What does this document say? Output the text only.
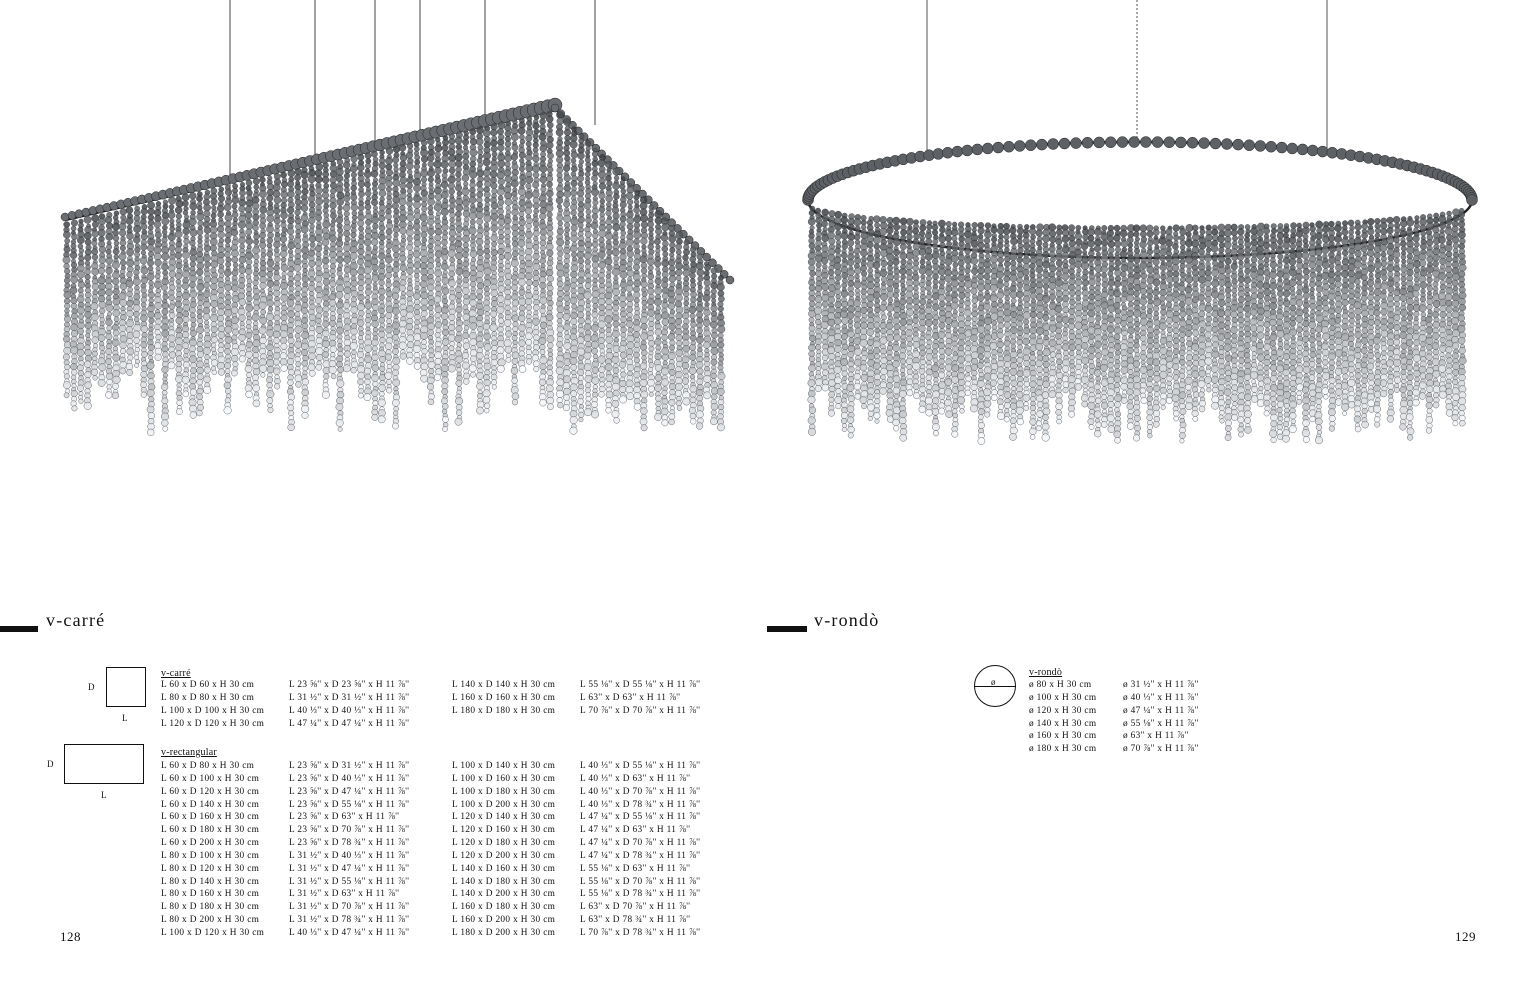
v-carré
D
L
v-carré
L 60 x D 60 x H 30 cm
L 80 x D 80 x H 30 cm
L 100 x D 100 x H 30 cm
L 120 x D 120 x H 30 cm
L 23 ⅝'' x D 23 ⅝'' x H 11 ⅞''
L 31 ½'' x D 31 ½'' x H 11 ⅞''
L 40 ⅓'' x D 40 ⅓'' x H 11 ⅞''
L 47 ¼'' x D 47 ¼'' x H 11 ⅞''
L 140 x D 140 x H 30 cm
L 160 x D 160 x H 30 cm
L 180 x D 180 x H 30 cm
L 55 ⅛'' x D 55 ⅛'' x H 11 ⅞''
L 63'' x D 63'' x H 11 ⅞''
L 70 ⅞'' x D 70 ⅞'' x H 11 ⅞''
D
L
v-rectangular
L 60 x D 80 x H 30 cm
L 60 x D 100 x H 30 cm
L 60 x D 120 x H 30 cm
L 60 x D 140 x H 30 cm
L 60 x D 160 x H 30 cm
L 60 x D 180 x H 30 cm
L 60 x D 200 x H 30 cm
L 80 x D 100 x H 30 cm
L 80 x D 120 x H 30 cm
L 80 x D 140 x H 30 cm
L 80 x D 160 x H 30 cm
L 80 x D 180 x H 30 cm
L 80 x D 200 x H 30 cm
L 100 x D 120 x H 30 cm
L 23 ⅝'' x D 31 ½'' x H 11 ⅞''
L 23 ⅝'' x D 40 ⅓'' x H 11 ⅞''
L 23 ⅝'' x D 47 ¼'' x H 11 ⅞''
L 23 ⅝'' x D 55 ⅛'' x H 11 ⅞''
L 23 ⅝'' x D 63'' x H 11 ⅞''
L 23 ⅝'' x D 70 ⅞'' x H 11 ⅞''
L 23 ⅝'' x D 78 ¾'' x H 11 ⅞''
L 31 ½'' x D 40 ⅓'' x H 11 ⅞''
L 31 ½'' x D 47 ¼'' x H 11 ⅞''
L 31 ½'' x D 55 ⅛'' x H 11 ⅞''
L 31 ½'' x D 63'' x H 11 ⅞''
L 31 ½'' x D 70 ⅞'' x H 11 ⅞''
L 31 ½'' x D 78 ¾'' x H 11 ⅞''
L 40 ⅓'' x D 47 ¼'' x H 11 ⅞''
L 100 x D 140 x H 30 cm
L 100 x D 160 x H 30 cm
L 100 x D 180 x H 30 cm
L 100 x D 200 x H 30 cm
L 120 x D 140 x H 30 cm
L 120 x D 160 x H 30 cm
L 120 x D 180 x H 30 cm
L 120 x D 200 x H 30 cm
L 140 x D 160 x H 30 cm
L 140 x D 180 x H 30 cm
L 140 x D 200 x H 30 cm
L 160 x D 180 x H 30 cm
L 160 x D 200 x H 30 cm
L 180 x D 200 x H 30 cm
L 40 ⅓'' x D 55 ⅛'' x H 11 ⅞''
L 40 ⅓'' x D 63'' x H 11 ⅞''
L 40 ⅓'' x D 70 ⅞'' x H 11 ⅞''
L 40 ⅓'' x D 78 ¾'' x H 11 ⅞''
L 47 ¼'' x D 55 ⅛'' x H 11 ⅞''
L 47 ¼'' x D 63'' x H 11 ⅞''
L 47 ¼'' x D 70 ⅞'' x H 11 ⅞''
L 47 ¼'' x D 78 ¾'' x H 11 ⅞''
L 55 ⅛'' x D 63'' x H 11 ⅞''
L 55 ⅛'' x D 70 ⅞'' x H 11 ⅞''
L 55 ⅛'' x D 78 ¾'' x H 11 ⅞''
L 63'' x D 70 ⅞'' x H 11 ⅞''
L 63'' x D 78 ¾'' x H 11 ⅞''
L 70 ⅞'' x D 78 ¾'' x H 11 ⅞''
128
v-rondò
ø
v-rondò
ø 80 x H 30 cm
ø 100 x H 30 cm
ø 120 x H 30 cm
ø 140 x H 30 cm
ø 160 x H 30 cm
ø 180 x H 30 cm
ø 31 ½'' x H 11 ⅞''
ø 40 ⅓'' x H 11 ⅞''
ø 47 ¼'' x H 11 ⅞''
ø 55 ⅛'' x H 11 ⅞''
ø 63'' x H 11 ⅞''
ø 70 ⅞'' x H 11 ⅞''
129
